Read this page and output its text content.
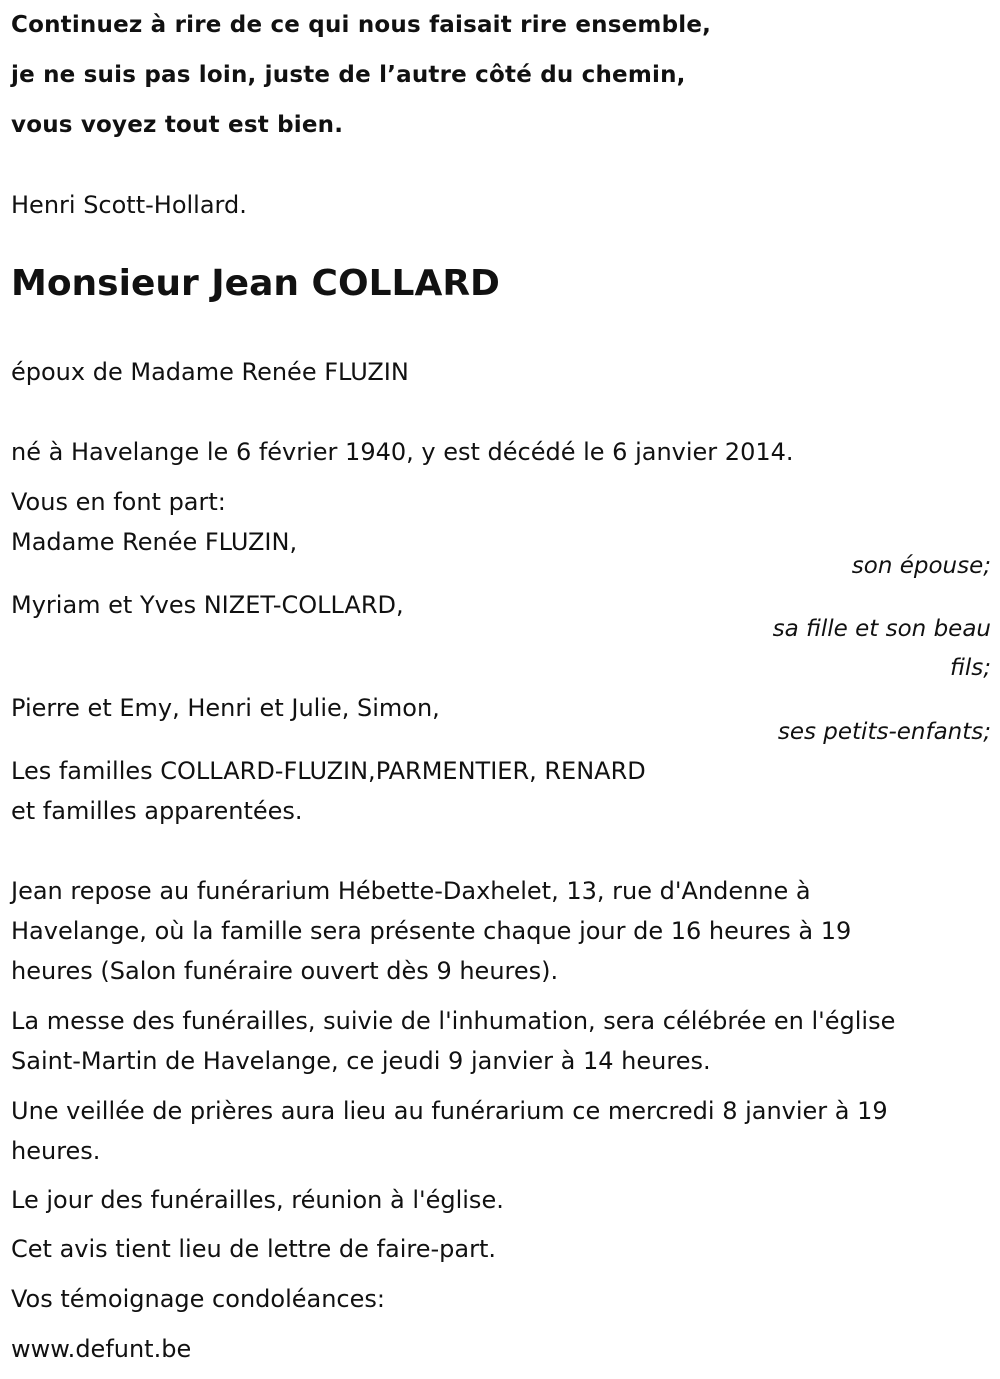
Continuez à rire de ce qui nous faisait rire ensemble,
je ne suis pas loin, juste de l’autre côté du chemin,
vous voyez tout est bien.
Henri Scott-Hollard.
Monsieur Jean COLLARD
époux de Madame Renée FLUZIN
né à Havelange le 6 février 1940, y est décédé le 6 janvier 2014.
Vous en font part:
Madame Renée FLUZIN,
son épouse;
Myriam et Yves NIZET-COLLARD,
sa fille et son beau
fils;
Pierre et Emy, Henri et Julie, Simon,
ses petits-enfants;
Les familles COLLARD-FLUZIN,PARMENTIER, RENARD
et familles apparentées.
Jean repose au funérarium Hébette-Daxhelet, 13, rue d'Andenne à
Havelange, où la famille sera présente chaque jour de 16 heures à 19
heures (Salon funéraire ouvert dès 9 heures).
La messe des funérailles, suivie de l'inhumation, sera célébrée en l'église
Saint-Martin de Havelange, ce jeudi 9 janvier à 14 heures.
Une veillée de prières aura lieu au funérarium ce mercredi 8 janvier à 19
heures.
Le jour des funérailles, réunion à l'église.
Cet avis tient lieu de lettre de faire-part.
Vos témoignage condoléances:
www.defunt.be
